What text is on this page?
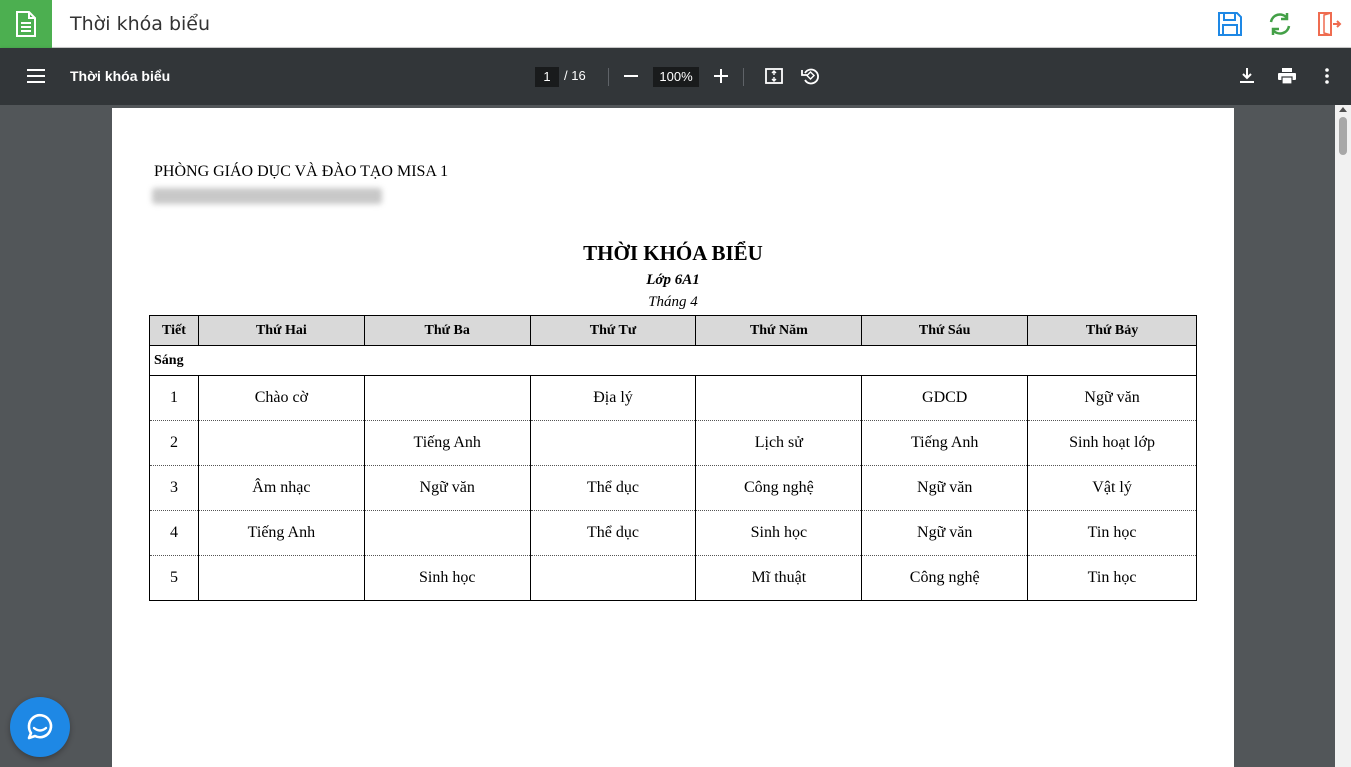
Thời khóa biểu
Thời khóa biểu	1	/ 16	100%
PHÒNG GIÁO DỤC VÀ ĐÀO TẠO MISA 1
THỜI KHÓA BIỂU
Lớp 6A1
Tháng 4
Tiết	Thứ Hai	Thứ Ba	Thứ Tư	Thứ Năm	Thứ Sáu	Thứ Bảy
Sáng						
1	Chào cờ		Địa lý		GDCD	Ngữ văn
2		Tiếng Anh		Lịch sử	Tiếng Anh	Sinh hoạt lớp
3	Âm nhạc	Ngữ văn	Thể dục	Công nghệ	Ngữ văn	Vật lý
4	Tiếng Anh		Thể dục	Sinh học	Ngữ văn	Tin học
5		Sinh học		Mĩ thuật	Công nghệ	Tin học
